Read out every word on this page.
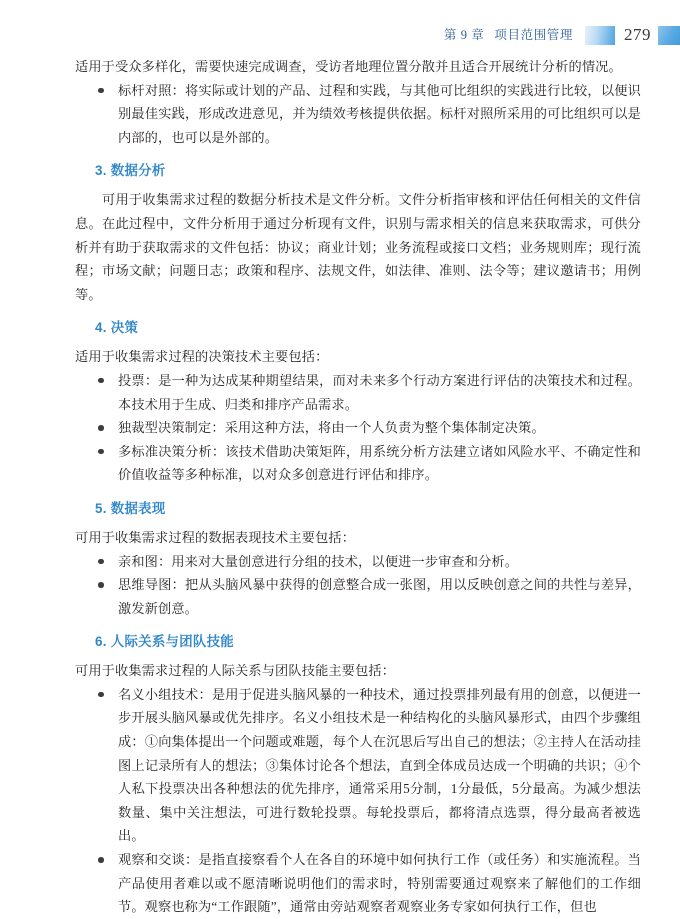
第 9 章 项目范围管理	279

适用于受众多样化，需要快速完成调查，受访者地理位置分散并且适合开展统计分析的情况。

标杆对照：将实际或计划的产品、过程和实践，与其他可比组织的实践进行比较，以便识别最佳实践，形成改进意见，并为绩效考核提供依据。标杆对照所采用的可比组织可以是内部的，也可以是外部的。
3. 数据分析

可用于收集需求过程的数据分析技术是文件分析。文件分析指审核和评估任何相关的文件信息。在此过程中，文件分析用于通过分析现有文件，识别与需求相关的信息来获取需求，可供分析并有助于获取需求的文件包括：协议；商业计划；业务流程或接口文档；业务规则库；现行流程；市场文献；问题日志；政策和程序、法规文件，如法律、准则、法令等；建议邀请书；用例等。

4. 决策

适用于收集需求过程的决策技术主要包括：

投票：是一种为达成某种期望结果，而对未来多个行动方案进行评估的决策技术和过程。本技术用于生成、归类和排序产品需求。
独裁型决策制定：采用这种方法，将由一个人负责为整个集体制定决策。
多标准决策分析：该技术借助决策矩阵，用系统分析方法建立诸如风险水平、不确定性和价值收益等多种标准，以对众多创意进行评估和排序。
5. 数据表现

可用于收集需求过程的数据表现技术主要包括：

亲和图：用来对大量创意进行分组的技术，以便进一步审查和分析。
思维导图：把从头脑风暴中获得的创意整合成一张图，用以反映创意之间的共性与差异，激发新创意。
6. 人际关系与团队技能

可用于收集需求过程的人际关系与团队技能主要包括：

名义小组技术：是用于促进头脑风暴的一种技术，通过投票排列最有用的创意，以便进一步开展头脑风暴或优先排序。名义小组技术是一种结构化的头脑风暴形式，由四个步骤组成：①向集体提出一个问题或难题，每个人在沉思后写出自己的想法；②主持人在活动挂图上记录所有人的想法；③集体讨论各个想法，直到全体成员达成一个明确的共识；④个人私下投票决出各种想法的优先排序，通常采用5分制，1分最低，5分最高。为减少想法数量、集中关注想法，可进行数轮投票。每轮投票后，都将清点选票，得分最高者被选出。
观察和交谈：是指直接察看个人在各自的环境中如何执行工作（或任务）和实施流程。当产品使用者难以或不愿清晰说明他们的需求时，特别需要通过观察来了解他们的工作细节。观察也称为“工作跟随”，通常由旁站观察者观察业务专家如何执行工作，但也
